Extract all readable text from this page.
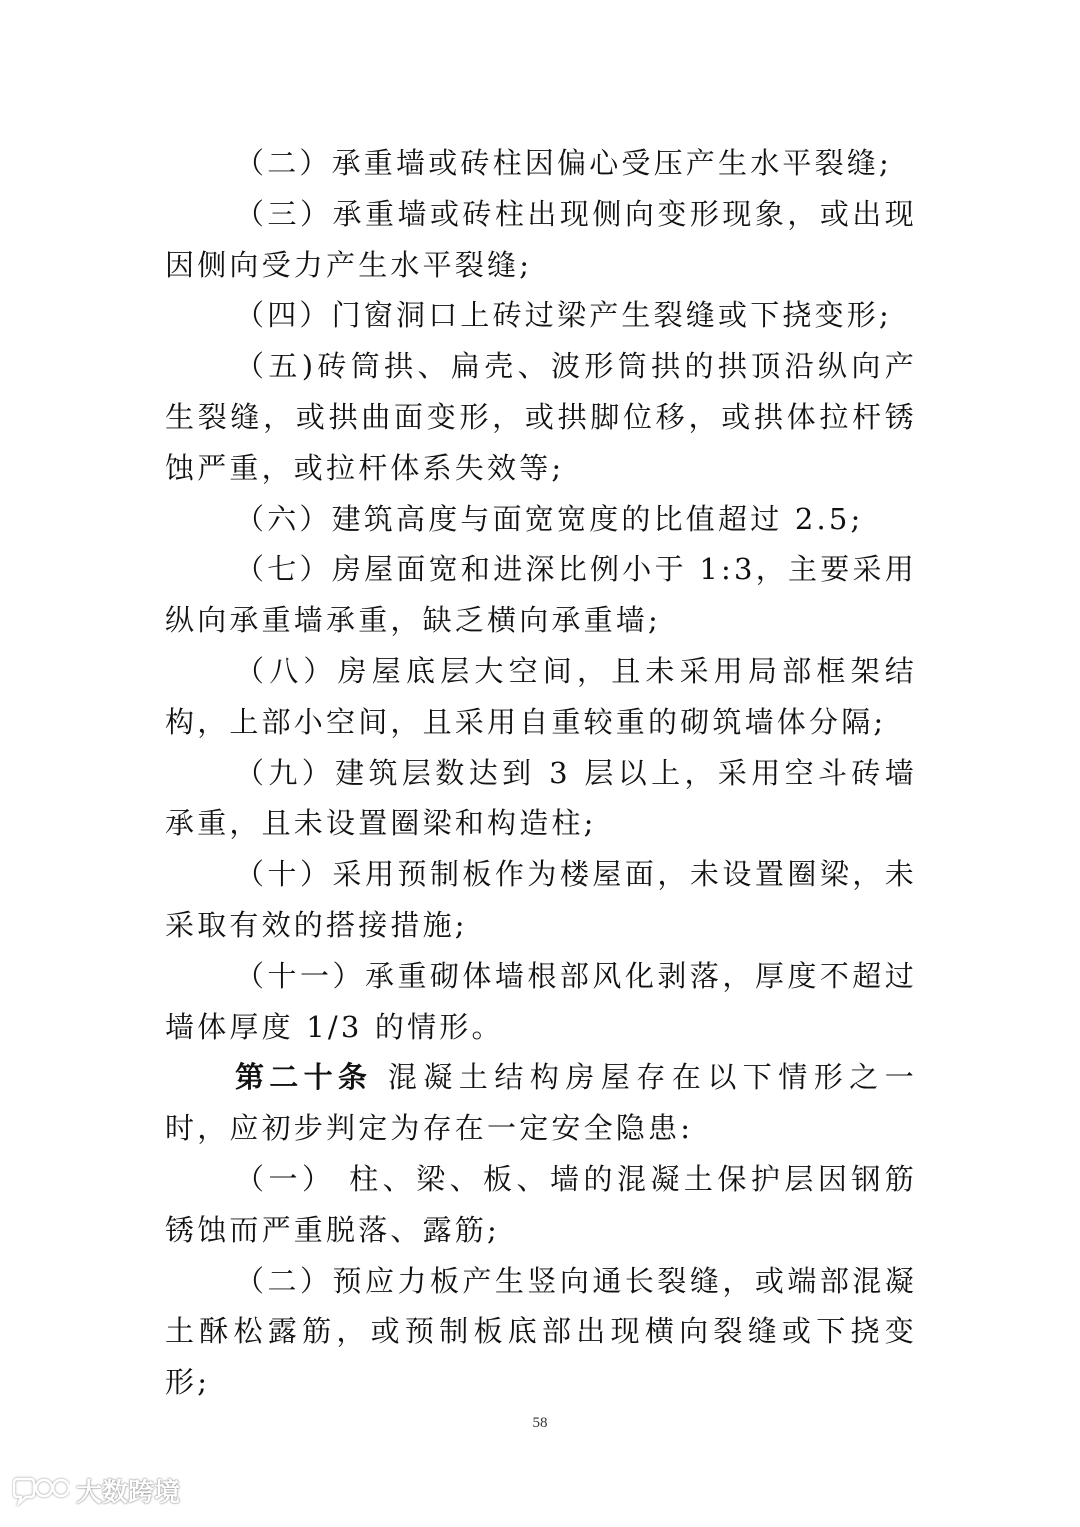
（二）承重墙或砖柱因偏心受压产生水平裂缝;

（三）承重墙或砖柱出现侧向变形现象，或出现因侧向受力产生水平裂缝;

（四）门窗洞口上砖过梁产生裂缝或下挠变形;

（五)砖筒拱、扁壳、波形筒拱的拱顶沿纵向产生裂缝，或拱曲面变形，或拱脚位移，或拱体拉杆锈蚀严重，或拉杆体系失效等;

（六）建筑高度与面宽宽度的比值超过 2.5;

（七）房屋面宽和进深比例小于 1:3，主要采用纵向承重墙承重，缺乏横向承重墙;

（八）房屋底层大空间，且未采用局部框架结构，上部小空间，且采用自重较重的砌筑墙体分隔;

（九）建筑层数达到 3 层以上，采用空斗砖墙承重，且未设置圈梁和构造柱;

（十）采用预制板作为楼屋面，未设置圈梁，未采取有效的搭接措施;

（十一）承重砌体墙根部风化剥落，厚度不超过墙体厚度 1/3 的情形。

第二十条 混凝土结构房屋存在以下情形之一时，应初步判定为存在一定安全隐患:

（一） 柱、梁、板、墙的混凝土保护层因钢筋锈蚀而严重脱落、露筋;

（二）预应力板产生竖向通长裂缝，或端部混凝土酥松露筋，或预制板底部出现横向裂缝或下挠变形;

58
大数跨境
